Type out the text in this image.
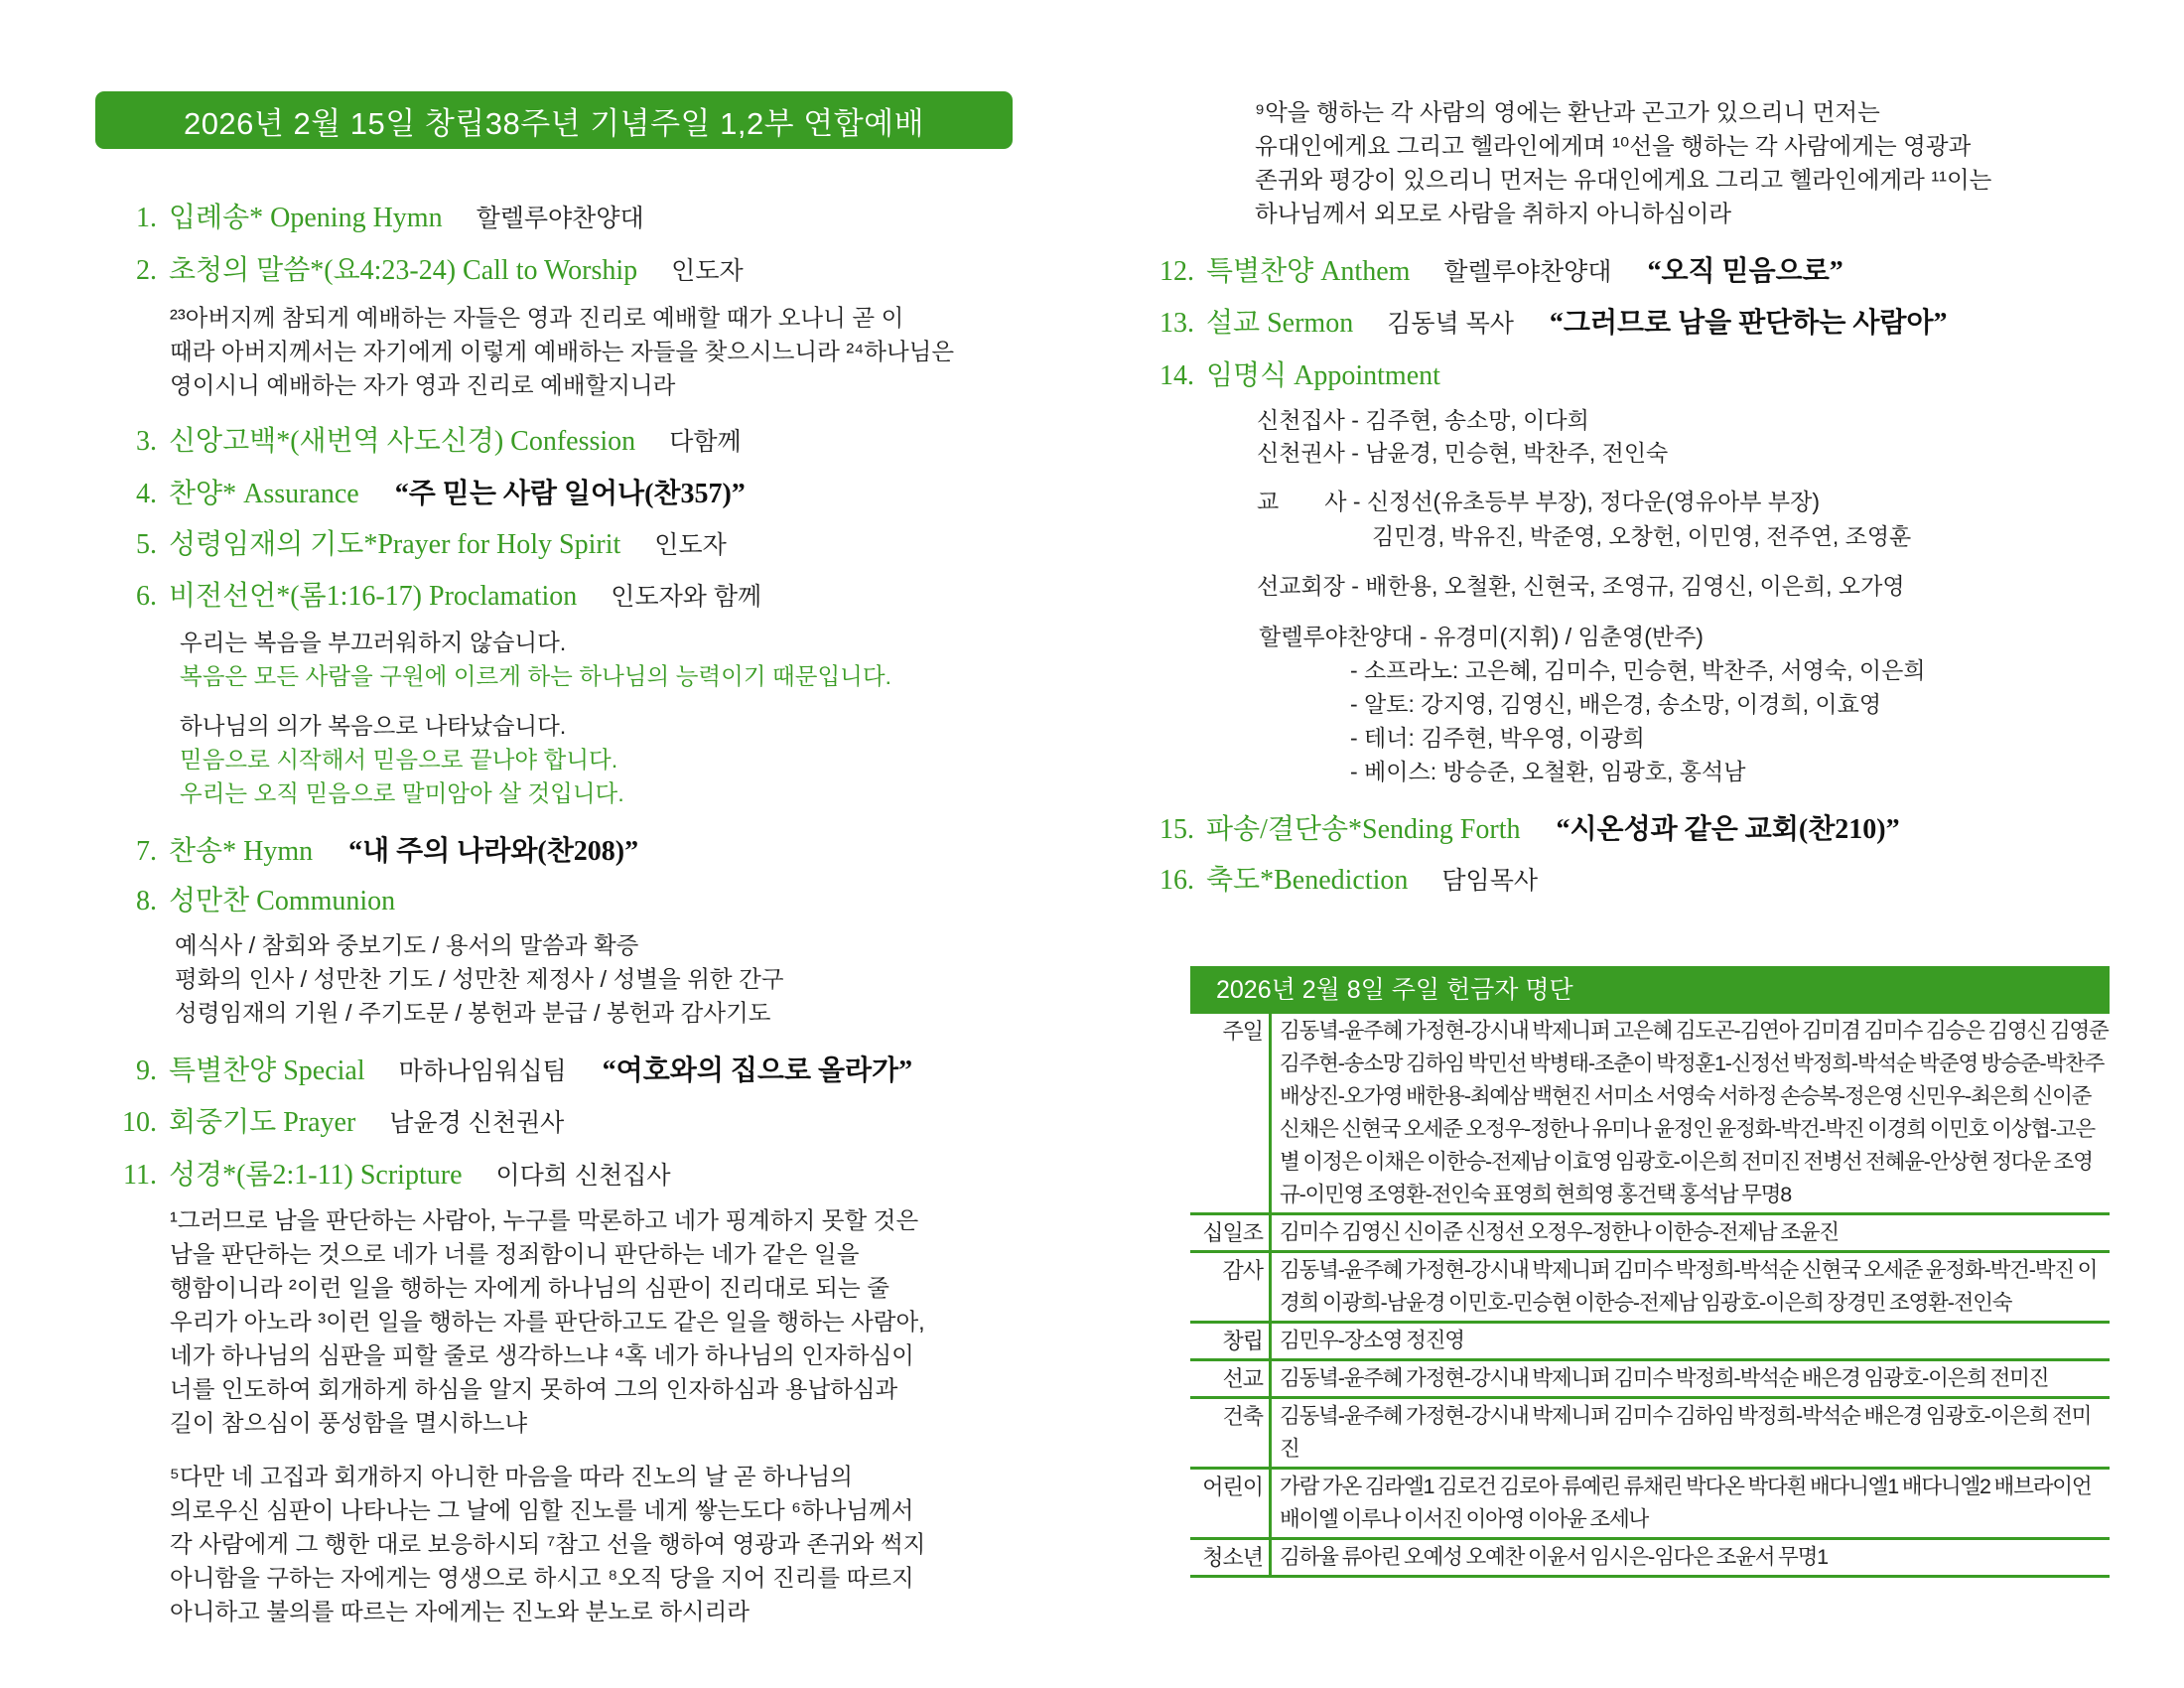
2026년 2월 15일 창립38주년 기념주일 1,2부 연합예배
1. 입례송* Opening Hymn 할렐루야찬양대
2. 초청의 말씀*(요4:23-24) Call to Worship 인도자
3. 신앙고백*(새번역 사도신경) Confession 다함께
4. 찬양* Assurance “주 믿는 사람 일어나(찬357)”
5. 성령임재의 기도*Prayer for Holy Spirit 인도자
6. 비전선언*(롬1:16-17) Proclamation 인도자와 함께
7. 찬송* Hymn “내 주의 나라와(찬208)”
8. 성만찬 Communion
9. 특별찬양 Special 마하나임워십팀 “여호와의 집으로 올라가”
10. 회중기도 Prayer 남윤경 신천권사
11. 성경*(롬2:1-11) Scripture 이다희 신천집사
12. 특별찬양 Anthem 할렐루야찬양대 “오직 믿음으로”
13. 설교 Sermon 김동녘 목사 “그러므로 남을 판단하는 사람아”
14. 임명식 Appointment
15. 파송/결단송*Sending Forth “시온성과 같은 교회(찬210)”
16. 축도*Benediction 담임목사
²³아버지께 참되게 예배하는 자들은 영과 진리로 예배할 때가 오나니 곧 이
때라 아버지께서는 자기에게 이렇게 예배하는 자들을 찾으시느니라 ²⁴하나님은
영이시니 예배하는 자가 영과 진리로 예배할지니라
우리는 복음을 부끄러워하지 않습니다.
복음은 모든 사람을 구원에 이르게 하는 하나님의 능력이기 때문입니다.
하나님의 의가 복음으로 나타났습니다.
믿음으로 시작해서 믿음으로 끝나야 합니다.
우리는 오직 믿음으로 말미암아 살 것입니다.
예식사 / 참회와 중보기도 / 용서의 말씀과 확증
평화의 인사 / 성만찬 기도 / 성만찬 제정사 / 성별을 위한 간구
성령임재의 기원 / 주기도문 / 봉헌과 분급 / 봉헌과 감사기도
¹그러므로 남을 판단하는 사람아, 누구를 막론하고 네가 핑계하지 못할 것은
남을 판단하는 것으로 네가 너를 정죄함이니 판단하는 네가 같은 일을
행함이니라 ²이런 일을 행하는 자에게 하나님의 심판이 진리대로 되는 줄
우리가 아노라 ³이런 일을 행하는 자를 판단하고도 같은 일을 행하는 사람아,
네가 하나님의 심판을 피할 줄로 생각하느냐 ⁴혹 네가 하나님의 인자하심이
너를 인도하여 회개하게 하심을 알지 못하여 그의 인자하심과 용납하심과
길이 참으심이 풍성함을 멸시하느냐
⁵다만 네 고집과 회개하지 아니한 마음을 따라 진노의 날 곧 하나님의
의로우신 심판이 나타나는 그 날에 임할 진노를 네게 쌓는도다 ⁶하나님께서
각 사람에게 그 행한 대로 보응하시되 ⁷참고 선을 행하여 영광과 존귀와 썩지
아니함을 구하는 자에게는 영생으로 하시고 ⁸오직 당을 지어 진리를 따르지
아니하고 불의를 따르는 자에게는 진노와 분노로 하시리라
⁹악을 행하는 각 사람의 영에는 환난과 곤고가 있으리니 먼저는
유대인에게요 그리고 헬라인에게며 ¹⁰선을 행하는 각 사람에게는 영광과
존귀와 평강이 있으리니 먼저는 유대인에게요 그리고 헬라인에게라 ¹¹이는
하나님께서 외모로 사람을 취하지 아니하심이라
신천집사 - 김주현, 송소망, 이다희
신천권사 - 남윤경, 민승현, 박찬주, 전인숙
교　　사 - 신정선(유초등부 부장), 정다운(영유아부 부장)
김민경, 박유진, 박준영, 오창헌, 이민영, 전주연, 조영훈
선교회장 - 배한용, 오철환, 신현국, 조영규, 김영신, 이은희, 오가영
할렐루야찬양대 - 유경미(지휘) / 임춘영(반주)
- 소프라노: 고은혜, 김미수, 민승현, 박찬주, 서영숙, 이은희
- 알토: 강지영, 김영신, 배은경, 송소망, 이경희, 이효영
- 테너: 김주현, 박우영, 이광희
- 베이스: 방승준, 오철환, 임광호, 홍석남
2026년 2월 8일 주일 헌금자 명단
주일 김동녘-윤주혜 가정현-강시내 박제니퍼 고은혜 김도곤-김연아 김미겸 김미수 김승은 김영신 김영준 김주현-송소망 김하임 박민선 박병태-조춘이 박정훈1-신정선 박정희-박석순 박준영 방승준-박찬주 배상진-오가영 배한용-최예삼 백현진 서미소 서영숙 서하정 손승복-정은영 신민우-최은희 신이준 신채은 신현국 오세준 오정우-정한나 유미나 윤정인 윤정화-박건-박진 이경희 이민호 이상협-고은별 이정은 이채은 이한승-전제남 이효영 임광호-이은희 전미진 전병선 전혜윤-안상현 정다운 조영규-이민영 조영환-전인숙 표영희 현희영 홍건택 홍석남 무명8
십일조 김미수 김영신 신이준 신정선 오정우-정한나 이한승-전제남 조윤진
감사 김동녘-윤주혜 가정현-강시내 박제니퍼 김미수 박정희-박석순 신현국 오세준 윤정화-박건-박진 이경희 이광희-남윤경 이민호-민승현 이한승-전제남 임광호-이은희 장경민 조영환-전인숙
창립 김민우-장소영 정진영
선교 김동녘-윤주혜 가정현-강시내 박제니퍼 김미수 박정희-박석순 배은경 임광호-이은희 전미진
건축 김동녘-윤주혜 가정현-강시내 박제니퍼 김미수 김하임 박정희-박석순 배은경 임광호-이은희 전미진
어린이 가람 가온 김라엘1 김로건 김로아 류예린 류채린 박다온 박다흰 배다니엘1 배다니엘2 배브라이언 배이엘 이루나 이서진 이아영 이아윤 조세나
청소년 김하율 류아린 오예성 오예찬 이윤서 임시은-임다은 조윤서 무명1
